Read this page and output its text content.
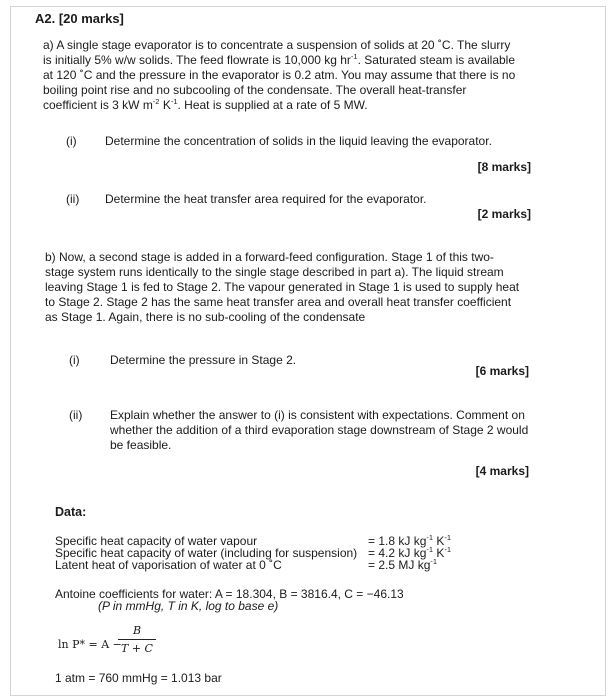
A2. [20 marks]
a) A single stage evaporator is to concentrate a suspension of solids at 20 ˚C. The slurry
is initially 5% w/w solids. The feed flowrate is 10,000 kg $hr^{-1}$. Saturated steam is available
at 120 ˚C and the pressure in the evaporator is 0.2 atm. You may assume that there is no
boiling point rise and no subcooling of the condensate. The overall heat-transfer
coefficient is 3 kW $m^{-2}$ $K^{-1}$. Heat is supplied at a rate of 5 MW.
(i) Determine the concentration of solids in the liquid leaving the evaporator.
[8 marks]
(ii) Determine the heat transfer area required for the evaporator.
[2 marks]
b) Now, a second stage is added in a forward-feed configuration. Stage 1 of this two-
stage system runs identically to the single stage described in part a). The liquid stream
leaving Stage 1 is fed to Stage 2. The vapour generated in Stage 1 is used to supply heat
to Stage 2. Stage 2 has the same heat transfer area and overall heat transfer coefficient
as Stage 1. Again, there is no sub-cooling of the condensate
(i)	Determine the pressure in Stage 2.
[6 marks]
(ii) Explain whether the answer to (i) is consistent with expectations. Comment on
whether the addition of a third evaporation stage downstream of Stage 2 would
be feasible.
[4 marks]
Data:
Specific heat capacity of water vapour	= 1.8 kJ $kg^{-1}$ $K^{-1}$
Specific heat capacity of water (including for suspension) = 4.2 kJ $kg^{-1}$ $K^{-1}$
Latent heat of vaporisation of water at 0 ˚C	= 2.5 MJ $kg^{-1}$
Antoine coefficients for water: A = 18.304, B = 3816.4, C = −46.13
(P in mmHg, T in K, log to base e)
ln P* = A −
B
T + C
1 atm = 760 mmHg = 1.013 bar
